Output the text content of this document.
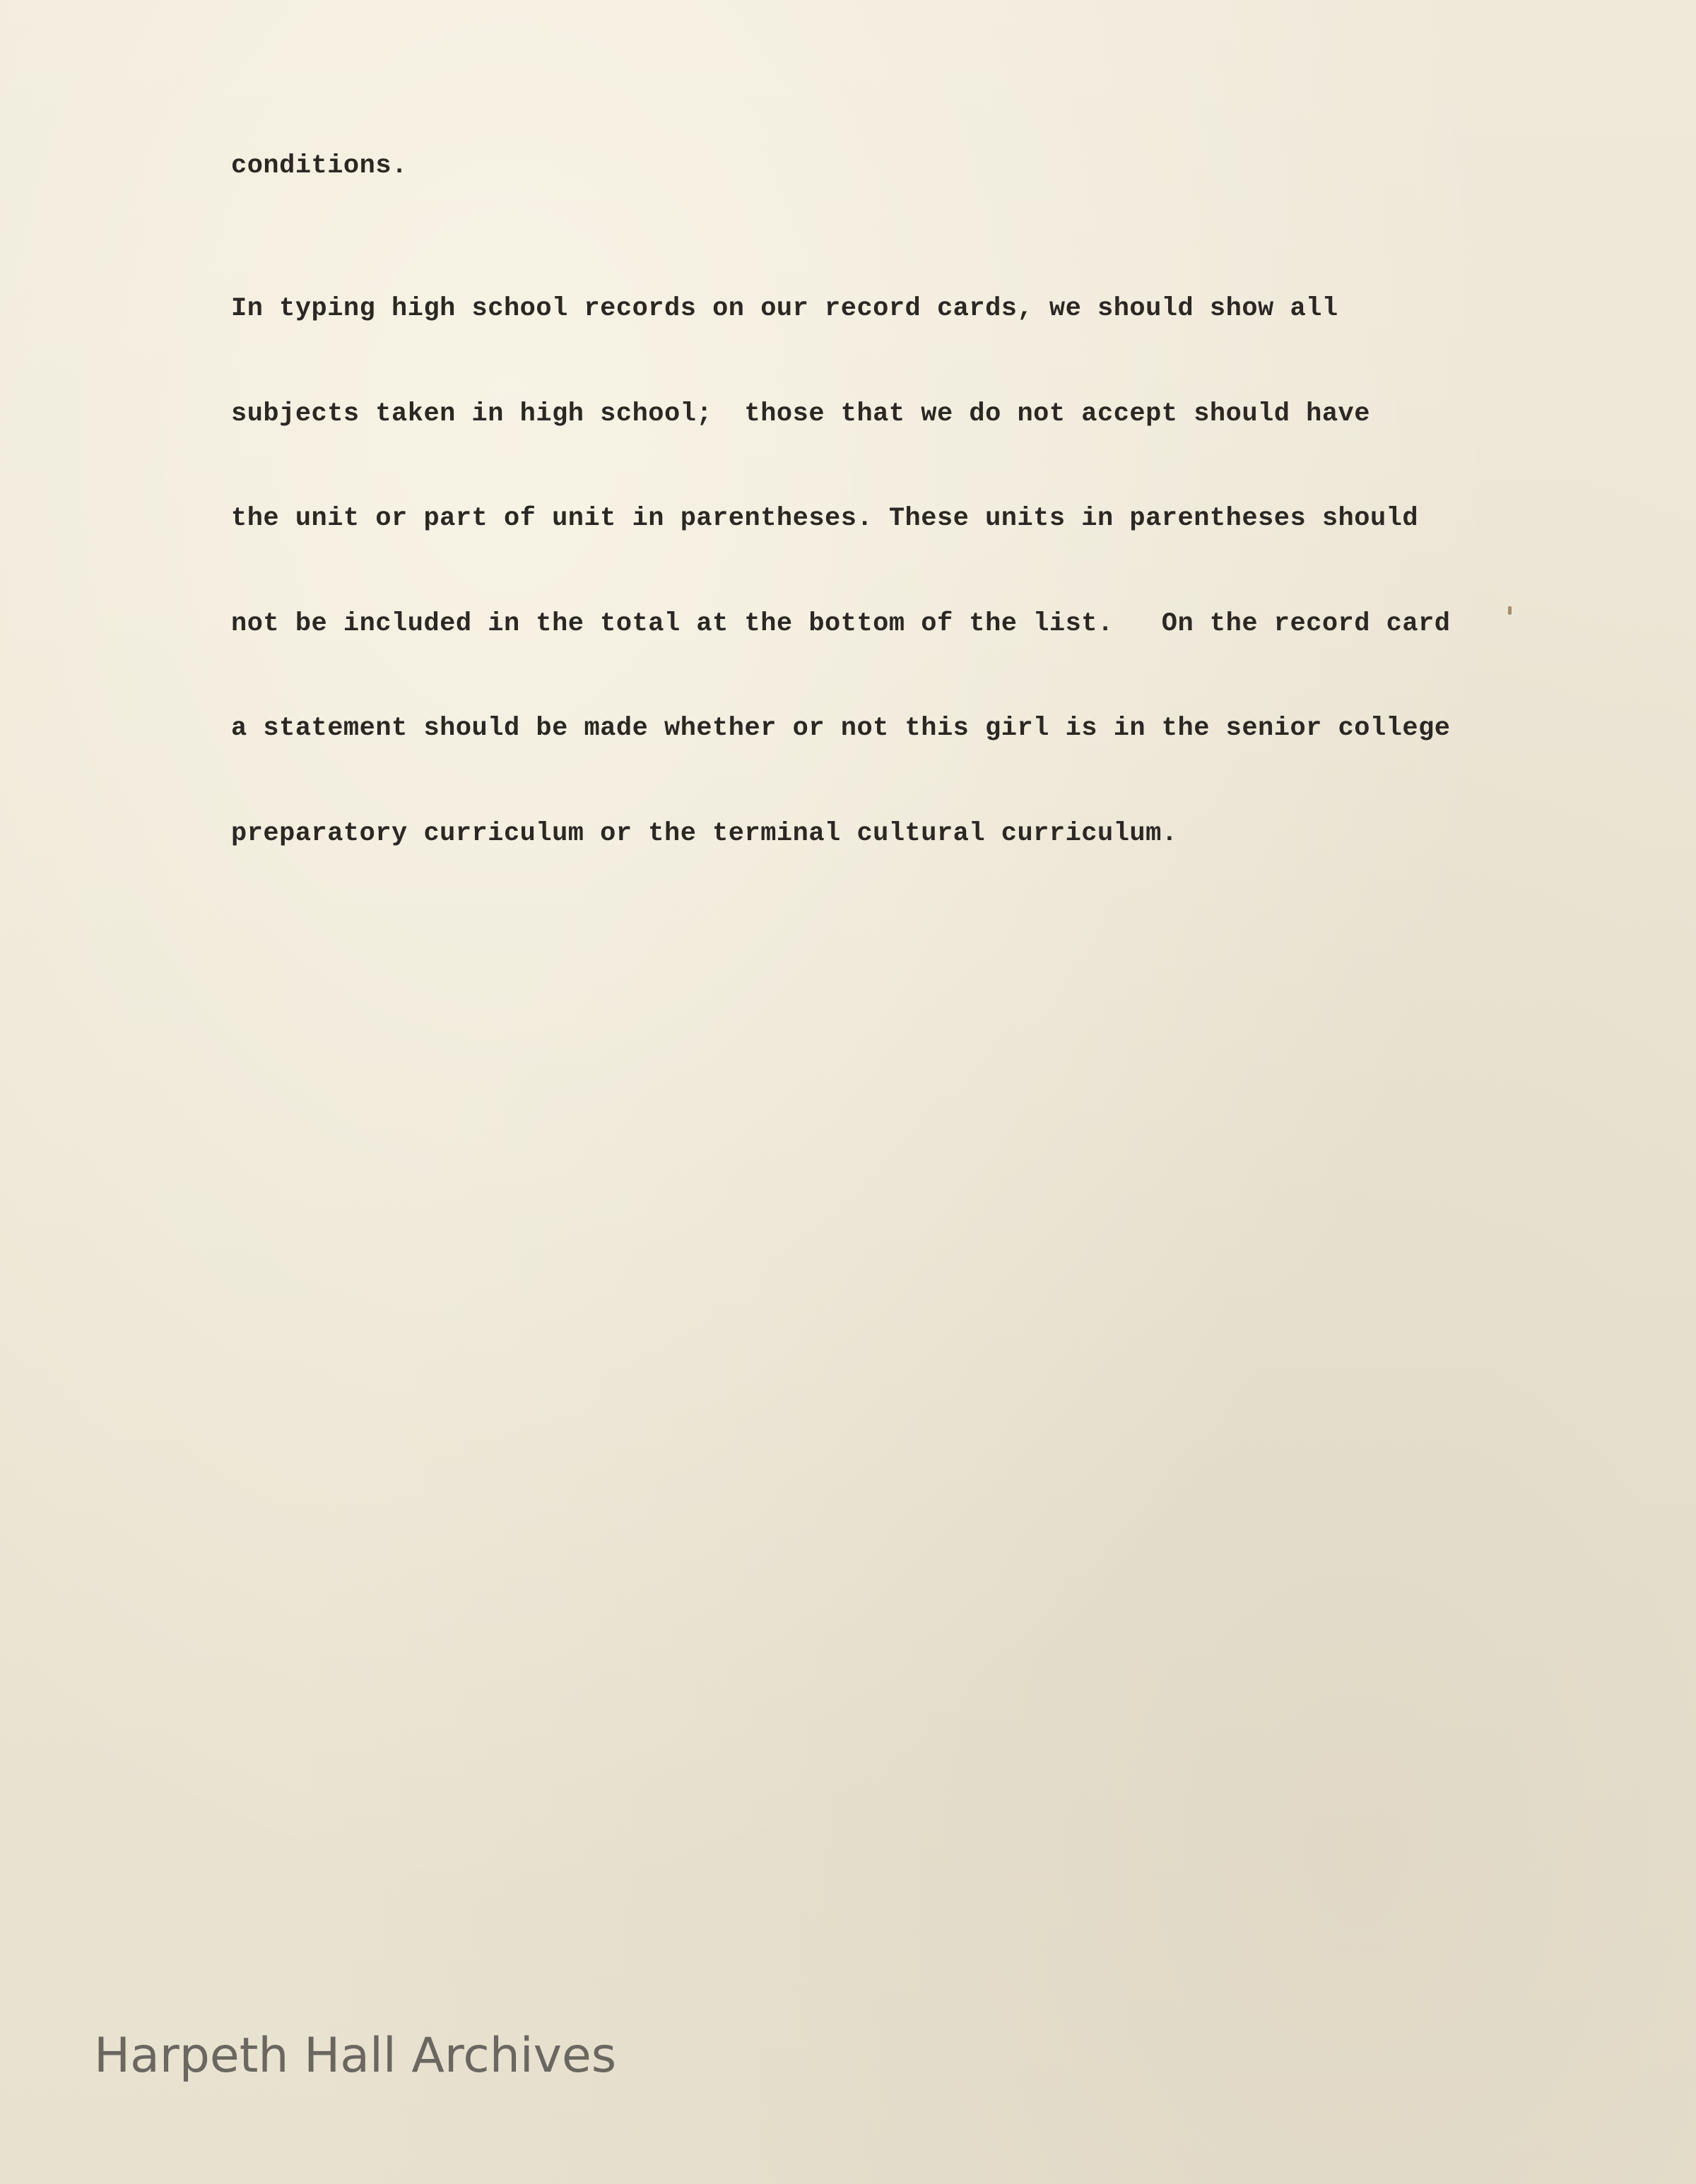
conditions.

In typing high school records on our record cards, we should show all

subjects taken in high school;  those that we do not accept should have

the unit or part of unit in parentheses. These units in parentheses should

not be included in the total at the bottom of the list.   On the record card

a statement should be made whether or not this girl is in the senior college

preparatory curriculum or the terminal cultural curriculum.

Harpeth Hall Archives
